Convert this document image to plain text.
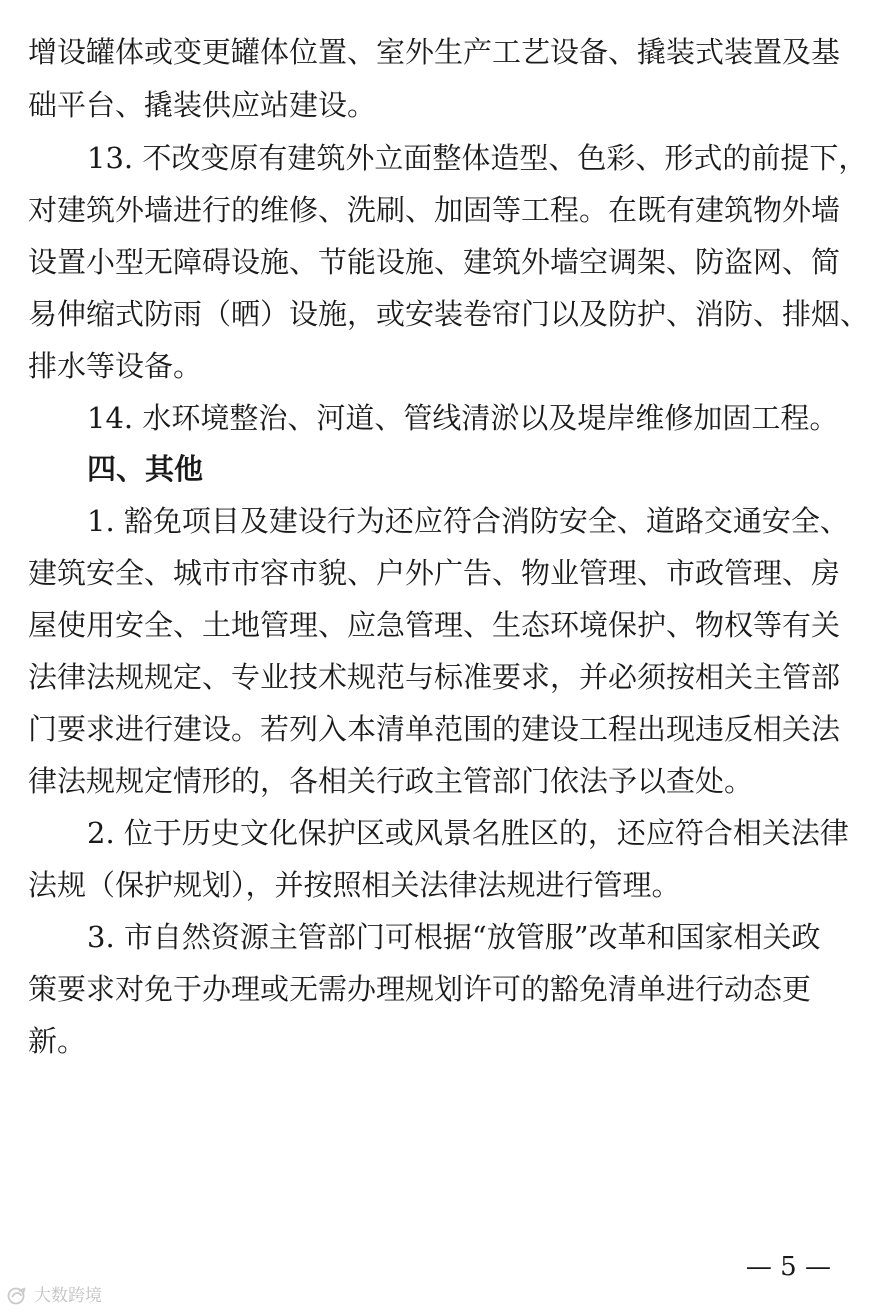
增设罐体或变更罐体位置、室外生产工艺设备、撬装式装置及基
础平台、撬装供应站建设。
13. 不改变原有建筑外立面整体造型、色彩、形式的前提下，
对建筑外墙进行的维修、洗刷、加固等工程。在既有建筑物外墙
设置小型无障碍设施、节能设施、建筑外墙空调架、防盗网、简
易伸缩式防雨（晒）设施，或安装卷帘门以及防护、消防、排烟、
排水等设备。
14. 水环境整治、河道、管线清淤以及堤岸维修加固工程。
四、其他
1. 豁免项目及建设行为还应符合消防安全、道路交通安全、
建筑安全、城市市容市貌、户外广告、物业管理、市政管理、房
屋使用安全、土地管理、应急管理、生态环境保护、物权等有关
法律法规规定、专业技术规范与标准要求，并必须按相关主管部
门要求进行建设。若列入本清单范围的建设工程出现违反相关法
律法规规定情形的，各相关行政主管部门依法予以查处。
2. 位于历史文化保护区或风景名胜区的，还应符合相关法律
法规（保护规划），并按照相关法律法规进行管理。
3. 市自然资源主管部门可根据“放管服”改革和国家相关政
策要求对免于办理或无需办理规划许可的豁免清单进行动态更
新。
— 5 —
大数跨境
